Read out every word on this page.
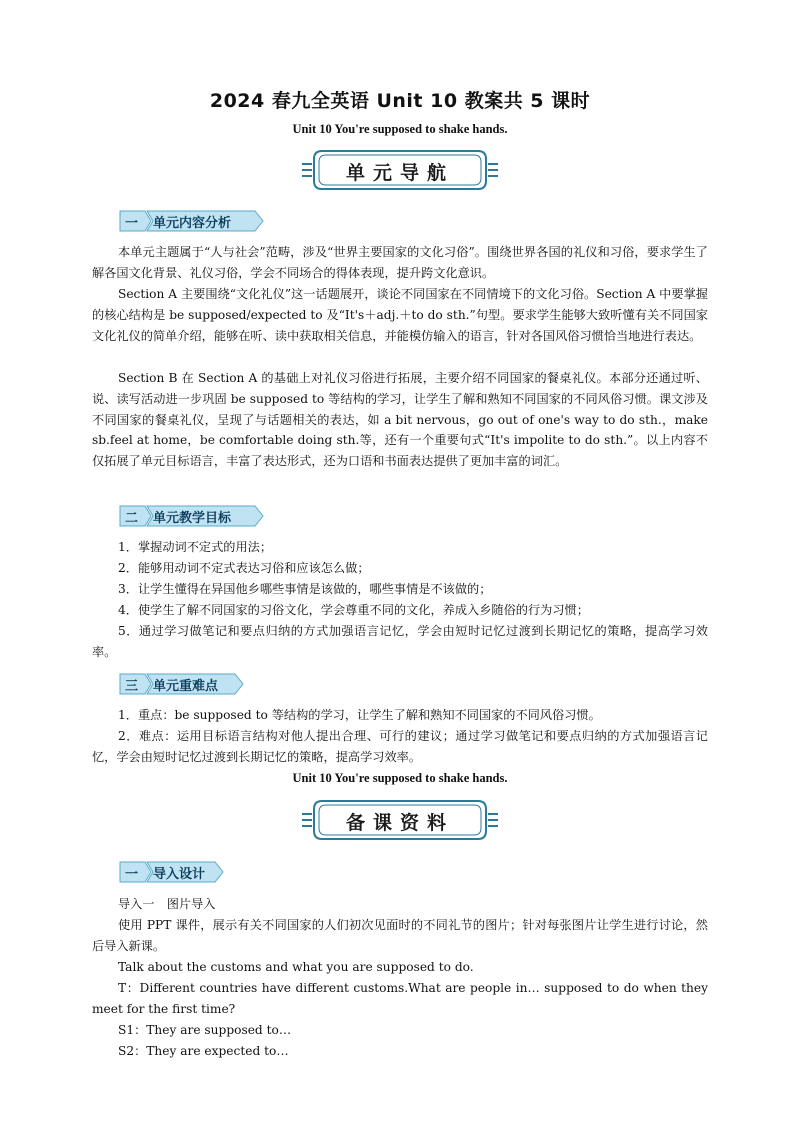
2024 春九全英语 Unit 10 教案共 5 课时
Unit 10 You're supposed to shake hands.
单元导航
一 单元内容分析

本单元主题属于“人与社会”范畴，涉及“世界主要国家的文化习俗”。围绕世界各国的礼仪和习俗，要求学生了解各国文化背景、礼仪习俗，学会不同场合的得体表现，提升跨文化意识。

Section A 主要围绕“文化礼仪”这一话题展开，谈论不同国家在不同情境下的文化习俗。Section A 中要掌握的核心结构是 be supposed/expected to 及“It's＋adj.＋to do sth.”句型。要求学生能够大致听懂有关不同国家文化礼仪的简单介绍，能够在听、读中获取相关信息，并能模仿输入的语言，针对各国风俗习惯恰当地进行表达。

Section B 在 Section A 的基础上对礼仪习俗进行拓展，主要介绍不同国家的餐桌礼仪。本部分还通过听、说、读写活动进一步巩固 be supposed to 等结构的学习，让学生了解和熟知不同国家的不同风俗习惯。课文涉及不同国家的餐桌礼仪，呈现了与话题相关的表达，如 a bit nervous，go out of one's way to do sth.，make sb.feel at home，be comfortable doing sth.等，还有一个重要句式“It's impolite to do sth.”。以上内容不仅拓展了单元目标语言，丰富了表达形式，还为口语和书面表达提供了更加丰富的词汇。

二 单元教学目标

1．掌握动词不定式的用法；

2．能够用动词不定式表达习俗和应该怎么做；

3．让学生懂得在异国他乡哪些事情是该做的，哪些事情是不该做的；

4．使学生了解不同国家的习俗文化，学会尊重不同的文化，养成入乡随俗的行为习惯；

5．通过学习做笔记和要点归纳的方式加强语言记忆，学会由短时记忆过渡到长期记忆的策略，提高学习效率。

三 单元重难点

1．重点：be supposed to 等结构的学习，让学生了解和熟知不同国家的不同风俗习惯。

2．难点：运用目标语言结构对他人提出合理、可行的建议；通过学习做笔记和要点归纳的方式加强语言记忆，学会由短时记忆过渡到长期记忆的策略，提高学习效率。

Unit 10 You're supposed to shake hands.
备课资料
一 导入设计

导入一　图片导入

使用 PPT 课件，展示有关不同国家的人们初次见面时的不同礼节的图片；针对每张图片让学生进行讨论，然后导入新课。

Talk about the customs and what you are supposed to do.

T：Different countries have different customs.What are people in… supposed to do when they meet for the first time?

S1：They are supposed to…

S2：They are expected to…
